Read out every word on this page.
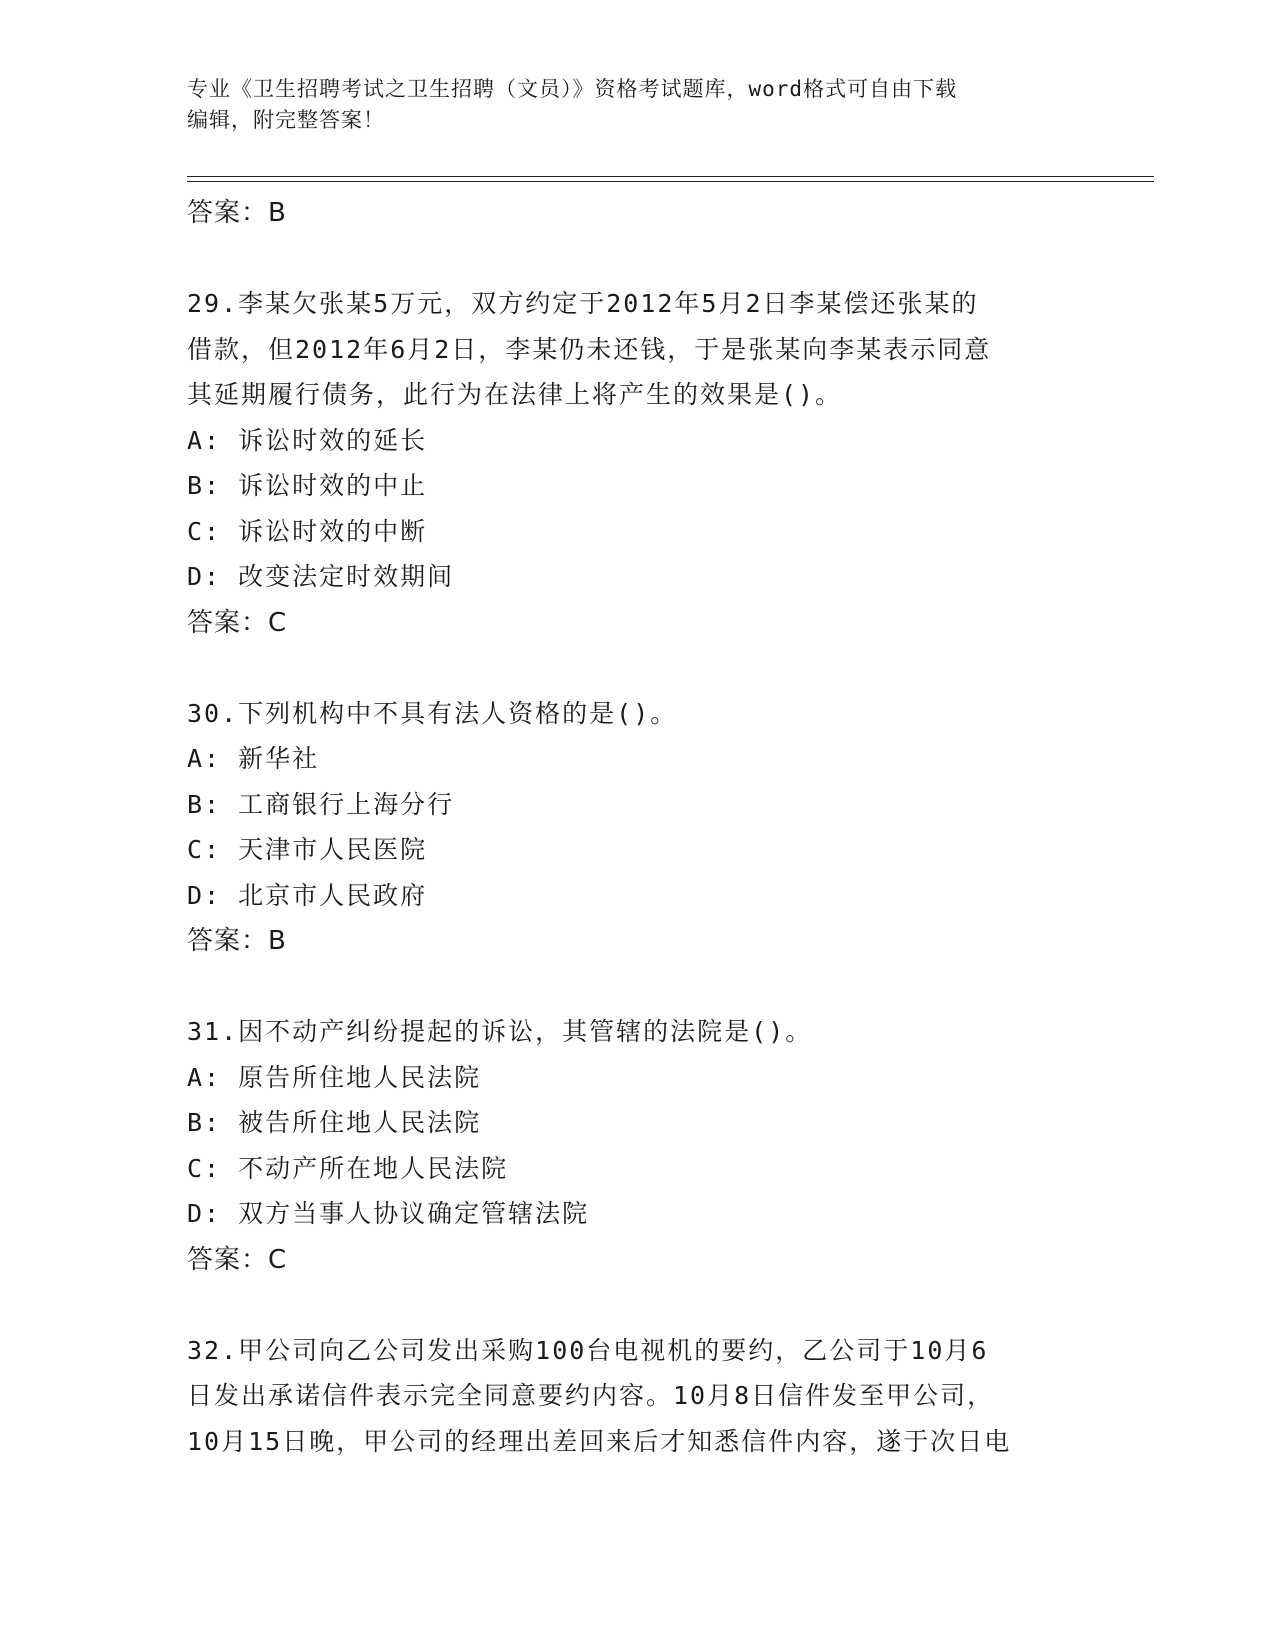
专业《卫生招聘考试之卫生招聘（文员）》资格考试题库，word格式可自由下载
编辑，附完整答案！
答案：B
29.李某欠张某5万元，双方约定于2012年5月2日李某偿还张某的
借款，但2012年6月2日，李某仍未还钱，于是张某向李某表示同意
其延期履行债务，此行为在法律上将产生的效果是()。
A: 诉讼时效的延长
B: 诉讼时效的中止
C: 诉讼时效的中断
D: 改变法定时效期间
答案：C
30.下列机构中不具有法人资格的是()。
A: 新华社
B: 工商银行上海分行
C: 天津市人民医院
D: 北京市人民政府
答案：B
31.因不动产纠纷提起的诉讼，其管辖的法院是()。
A: 原告所住地人民法院
B: 被告所住地人民法院
C: 不动产所在地人民法院
D: 双方当事人协议确定管辖法院
答案：C
32.甲公司向乙公司发出采购100台电视机的要约，乙公司于10月6
日发出承诺信件表示完全同意要约内容。10月8日信件发至甲公司，
10月15日晚，甲公司的经理出差回来后才知悉信件内容，遂于次日电
